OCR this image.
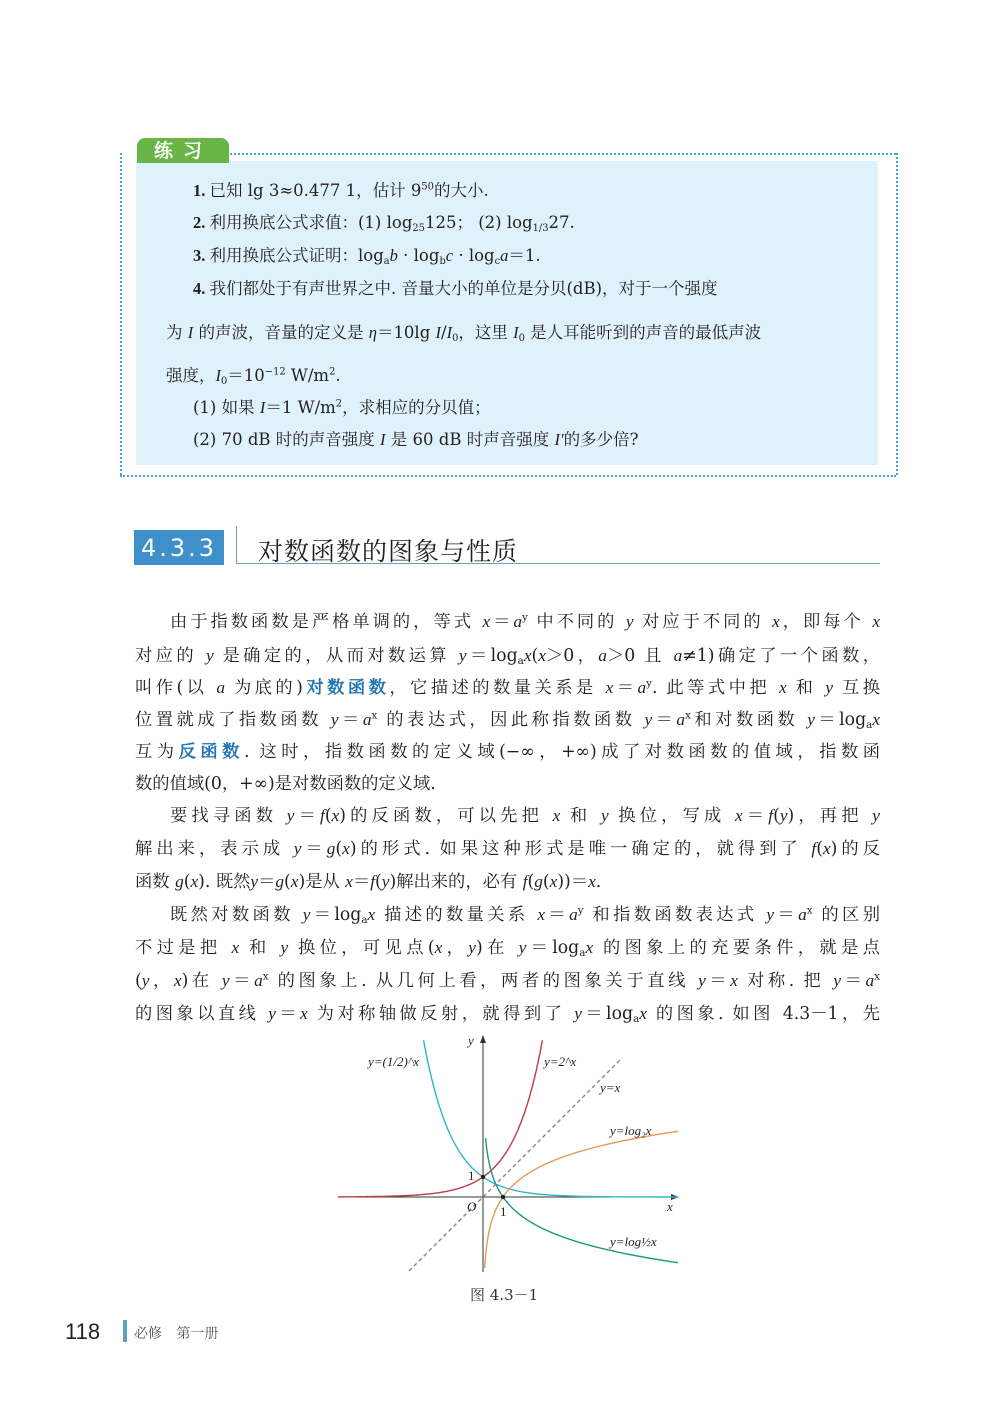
练习
1. 已知 lg 3≈0.477 1，估计 $9^{50}$的大小.
2. 利用换底公式求值：(1) $\log_{25}125$； (2) $\log_{1/3}27$.
3. 利用换底公式证明：$\log_ab \cdot \log_bc \cdot \log_ca=1$.
4. 我们都处于有声世界之中. 音量大小的单位是分贝(dB)，对于一个强度
为 I 的声波，音量的定义是 η＝10lg $I/I_0$，这里 $I_0$ 是人耳能听到的声音的最低声波
强度，$I_0=10^{-12}$ $W/m^2$.
(1) 如果 I＝1 $W/m^2$，求相应的分贝值；
(2) 70 dB 时的声音强度 I 是 60 dB 时声音强度 I′的多少倍?
4.3.3 对数函数的图象与性质
由于指数函数是严格单调的，等式 $x=a^y$ 中不同的 y 对应于不同的 x，即每个 x
对应的 y 是确定的，从而对数运算 $y=\log_ax(x>0$，a＞0 且 a≠1)确定了一个函数，
叫作(以 a 为底的)对数函数，它描述的数量关系是 $x=a^y$. 此等式中把 x 和 y 互换
位置就成了指数函数 $y=a^x$ 的表达式，因此称指数函数 $y=a^x$和对数函数 $y=\log_ax$
互为反函数. 这时，指数函数的定义域(−∞，+∞)成了对数函数的值域，指数函
数的值域(0，+∞)是对数函数的定义域.
要找寻函数 y＝f(x)的反函数，可以先把 x 和 y 换位，写成 x＝f(y)，再把 y
解出来，表示成 y＝g(x)的形式. 如果这种形式是唯一确定的，就得到了 f(x)的反
函数 g(x). 既然y＝g(x)是从 x＝f(y)解出来的，必有 f(g(x))＝x.
既然对数函数 $y=\log_ax$ 描述的数量关系 $x=a^y$ 和指数函数表达式 $y=a^x$ 的区别
不过是把 x 和 y 换位，可见点(x，y)在 $y=\log_ax$ 的图象上的充要条件，就是点
(y，x)在 $y=a^x$ 的图象上. 从几何上看，两者的图象关于直线 y＝x 对称. 把 $y=a^x$
的图象以直线 y＝x 为对称轴做反射，就得到了 $y=\log_ax$ 的图象. 如图 4.3－1，先
y
x
O 1
1
y=(1/2)^x	y=2^x
y=x
y=log₂x
y=log½x
图 4.3－1
118 必修 第一册
